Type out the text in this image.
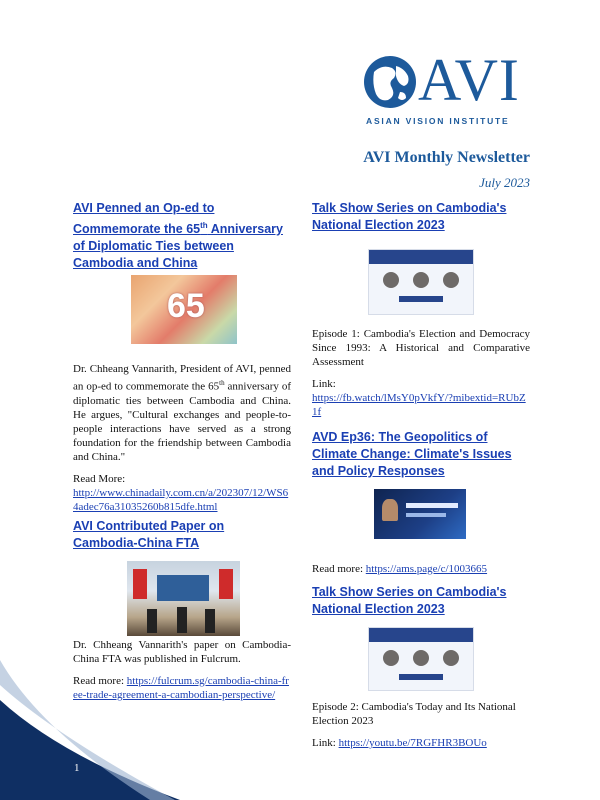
AVI
ASIAN VISION INSTITUTE
AVI Monthly Newsletter
July 2023

AVI Penned an Op-ed to Commemorate the 65th Anniversary of Diplomatic Ties between Cambodia and China

65

Dr. Chheang Vannarith, President of AVI, penned an op-ed to commemorate the 65th anniversary of diplomatic ties between Cambodia and China. He argues, "Cultural exchanges and people-to-people interactions have served as a strong foundation for the friendship between Cambodia and China."

Read More:

http://www.chinadaily.com.cn/a/202307/12/WS64adec76a31035260b815dfe.html

AVI Contributed Paper on Cambodia-China FTA

Dr. Chheang Vannarith's paper on Cambodia-China FTA was published in Fulcrum.

Read more: https://fulcrum.sg/cambodia-china-free-trade-agreement-a-cambodian-perspective/

Talk Show Series on Cambodia's National Election 2023

Episode 1: Cambodia's Election and Democracy Since 1993: A Historical and Comparative Assessment

Link:

https://fb.watch/lMsY0pVkfY/?mibextid=RUbZ1f

AVD Ep36: The Geopolitics of Climate Change: Climate's Issues and Policy Responses

Read more: https://ams.page/c/1003665

Talk Show Series on Cambodia's National Election 2023

Episode 2: Cambodia's Today and Its National Election 2023

Link: https://youtu.be/7RGFHR3BOUo

1
